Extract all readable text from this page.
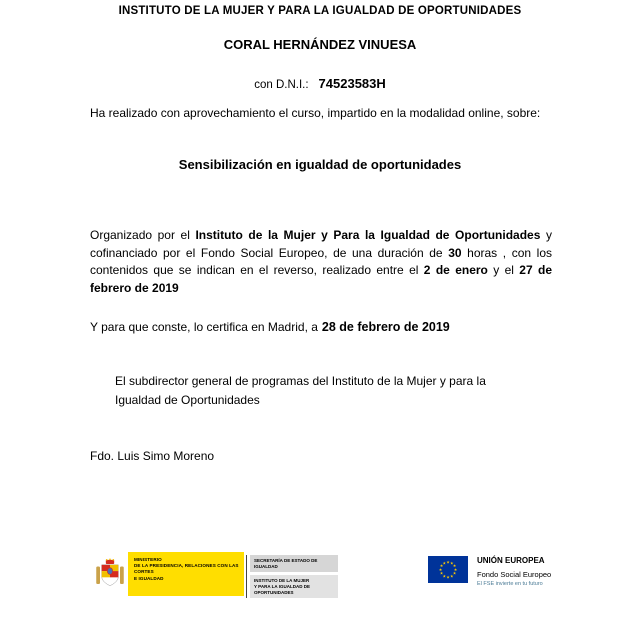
INSTITUTO DE LA MUJER Y PARA LA IGUALDAD DE OPORTUNIDADES
CORAL HERNÁNDEZ VINUESA
con D.N.I.: 74523583H

Ha realizado con aprovechamiento el curso, impartido en la modalidad online, sobre:

Sensibilización en igualdad de oportunidades

Organizado por el Instituto de la Mujer y Para la Igualdad de Oportunidades y cofinanciado por el Fondo Social Europeo, de una duración de 30 horas , con los contenidos que se indican en el reverso, realizado entre el 2 de enero y el 27 de febrero de 2019

Y para que conste, lo certifica en Madrid, a 28 de febrero de 2019

El subdirector general de programas del Instituto de la Mujer y para la Igualdad de Oportunidades

Fdo. Luis Simo Moreno

MINISTERIO
DE LA PRESIDENCIA, RELACIONES CON LAS CORTES
E IGUALDAD
SECRETARÍA DE ESTADO DE IGUALDAD
INSTITUTO DE LA MUJER
Y PARA LA IGUALDAD DE OPORTUNIDADES
★ ★
★
★
★
★
★
★
★
★
★
★	UNIÓN EUROPEA
Fondo Social Europeo
El FSE invierte en tu futuro
